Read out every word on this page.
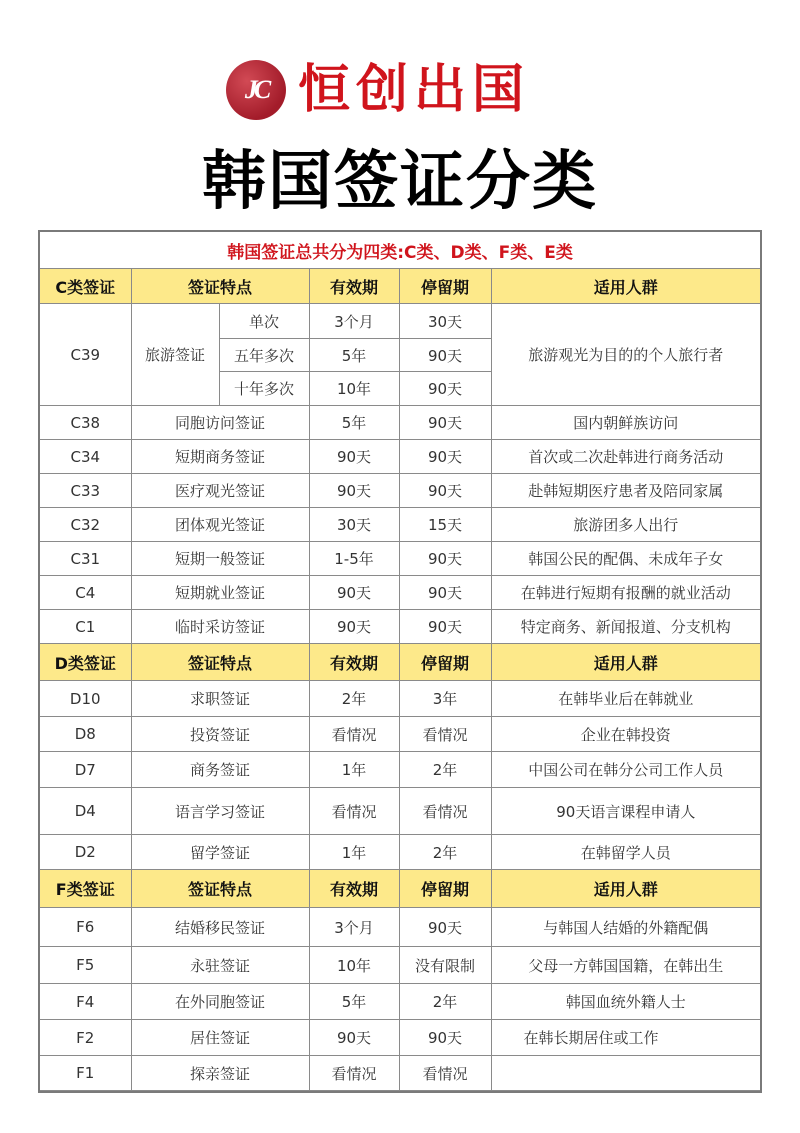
JC 恒创出国
韩国签证分类
韩国签证总共分为四类:C类、D类、F类、E类					
C类签证	签证特点		有效期	停留期	适用人群
C39	旅游签证	单次	3个月	30天	旅游观光为目的的个人旅行者
		五年多次	5年	90天	
		十年多次	10年	90天	
C38	同胞访问签证		5年	90天	国内朝鲜族访问
C34	短期商务签证		90天	90天	首次或二次赴韩进行商务活动
C33	医疗观光签证		90天	90天	赴韩短期医疗患者及陪同家属
C32	团体观光签证		30天	15天	旅游团多人出行
C31	短期一般签证		1-5年	90天	韩国公民的配偶、未成年子女
C4	短期就业签证		90天	90天	在韩进行短期有报酬的就业活动
C1	临时采访签证		90天	90天	特定商务、新闻报道、分支机构
D类签证	签证特点		有效期	停留期	适用人群
D10	求职签证		2年	3年	在韩毕业后在韩就业
D8	投资签证		看情况	看情况	企业在韩投资
D7	商务签证		1年	2年	中国公司在韩分公司工作人员
D4	语言学习签证		看情况	看情况	90天语言课程申请人
D2	留学签证		1年	2年	在韩留学人员
F类签证	签证特点		有效期	停留期	适用人群
F6	结婚移民签证		3个月	90天	与韩国人结婚的外籍配偶
F5	永驻签证		10年	没有限制	父母一方韩国国籍，在韩出生
F4	在外同胞签证		5年	2年	韩国血统外籍人士
F2	居住签证		90天	90天	在韩长期居住或工作
F1	探亲签证		看情况	看情况	
